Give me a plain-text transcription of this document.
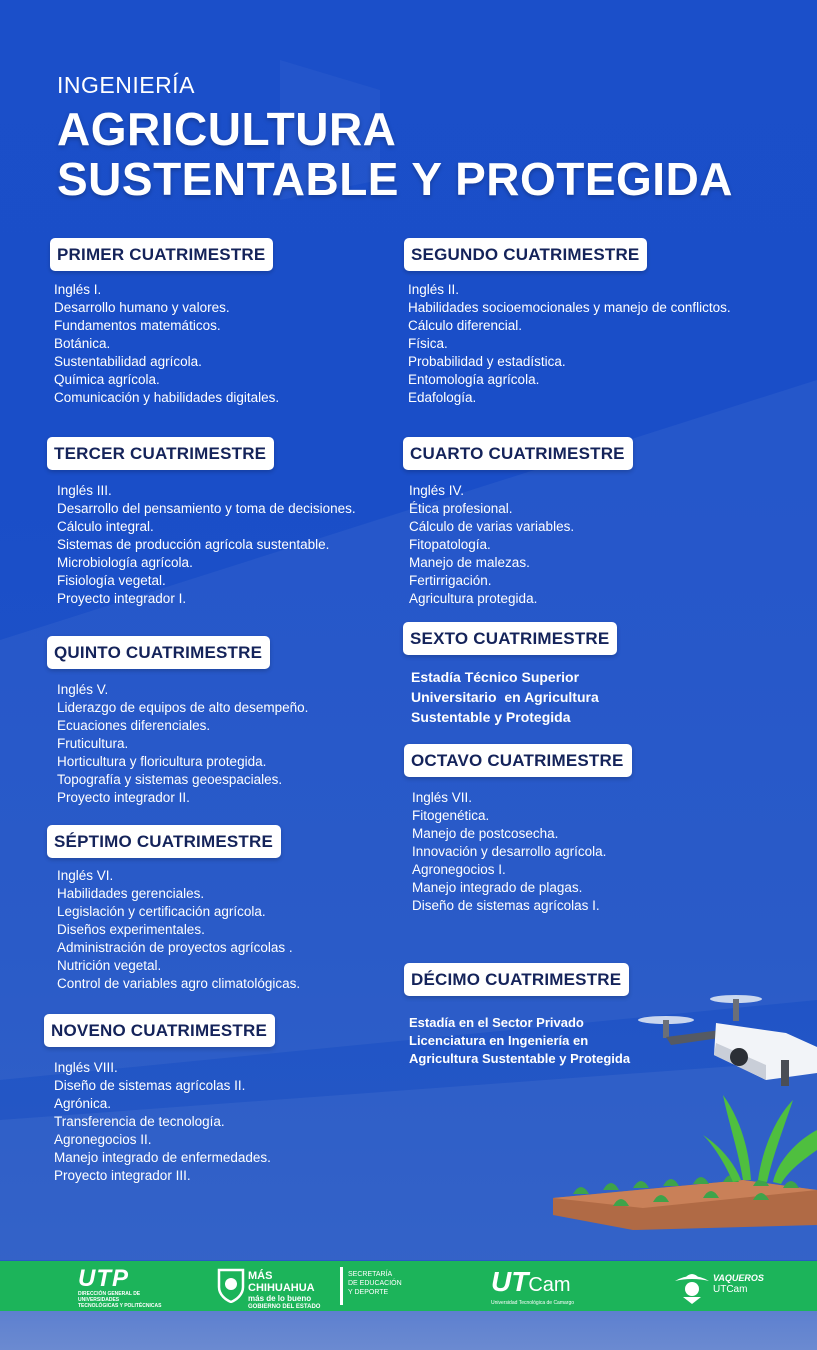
INGENIERÍA
AGRICULTURA
SUSTENTABLE Y PROTEGIDA
PRIMER CUATRIMESTRE
Inglés I.
Desarrollo humano y valores.
Fundamentos matemáticos.
Botánica.
Sustentabilidad agrícola.
Química agrícola.
Comunicación y habilidades digitales.
SEGUNDO CUATRIMESTRE
Inglés II.
Habilidades socioemocionales y manejo de conflictos.
Cálculo diferencial.
Física.
Probabilidad y estadística.
Entomología agrícola.
Edafología.
TERCER CUATRIMESTRE
Inglés III.
Desarrollo del pensamiento y toma de decisiones.
Cálculo integral.
Sistemas de producción agrícola sustentable.
Microbiología agrícola.
Fisiología vegetal.
Proyecto integrador I.
CUARTO CUATRIMESTRE
Inglés IV.
Ética profesional.
Cálculo de varias variables.
Fitopatología.
Manejo de malezas.
Fertirrigación.
Agricultura protegida.
QUINTO CUATRIMESTRE
Inglés V.
Liderazgo de equipos de alto desempeño.
Ecuaciones diferenciales.
Fruticultura.
Horticultura y floricultura protegida.
Topografía y sistemas geoespaciales.
Proyecto integrador II.
SEXTO CUATRIMESTRE
Estadía Técnico Superior
Universitario  en Agricultura
Sustentable y Protegida
SÉPTIMO CUATRIMESTRE
Inglés VI.
Habilidades gerenciales.
Legislación y certificación agrícola.
Diseños experimentales.
Administración de proyectos agrícolas .
Nutrición vegetal.
Control de variables agro climatológicas.
OCTAVO CUATRIMESTRE
Inglés VII.
Fitogenética.
Manejo de postcosecha.
Innovación y desarrollo agrícola.
Agronegocios I.
Manejo integrado de plagas.
Diseño de sistemas agrícolas I.
NOVENO CUATRIMESTRE
Inglés VIII.
Diseño de sistemas agrícolas II.
Agrónica.
Transferencia de tecnología.
Agronegocios II.
Manejo integrado de enfermedades.
Proyecto integrador III.
DÉCIMO CUATRIMESTRE
Estadía en el Sector Privado
Licenciatura en Ingeniería en
Agricultura Sustentable y Protegida
UTP
DIRECCIÓN GENERAL DE UNIVERSIDADES
TECNOLÓGICAS Y POLITÉCNICAS
MÁS CHIHUAHUA
más de lo bueno
GOBIERNO DEL ESTADO
SECRETARÍA
DE EDUCACIÓN
Y DEPORTE	UTCam
Universidad Tecnológica de Camargo
VAQUEROS
UTCam
